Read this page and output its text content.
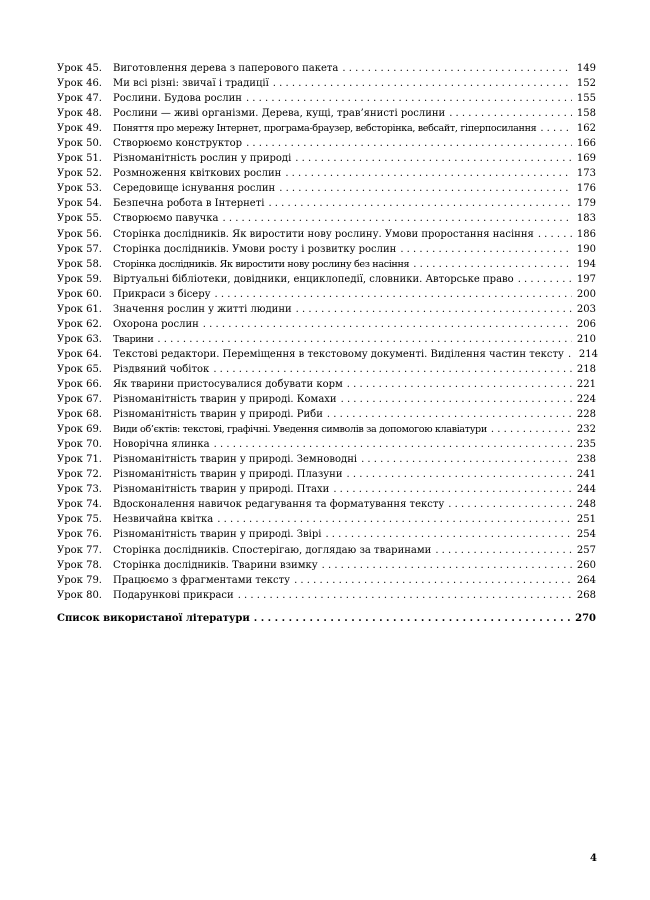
Урок 45.	Виготовлення дерева з паперового пакета . . .	149
Урок 46.	Ми всі різні: звичаї і традиції . . .	152
Урок 47.	Рослини. Будова рослин . . .	155
Урок 48.	Рослини — живі організми. Дерева, кущі, трав’янисті рослини . . .	158
Урок 49.	Поняття про мережу Інтернет, програма-браузер, вебсторінка, вебсайт, гіперпосилання . . .	162
Урок 50.	Створюємо конструктор . . .	166
Урок 51.	Різноманітність рослин у природі . . .	169
Урок 52.	Розмноження квіткових рослин . . .	173
Урок 53.	Середовище існування рослин . . .	176
Урок 54.	Безпечна робота в Інтернеті . . .	179
Урок 55.	Створюємо павучка . . .	183
Урок 56.	Сторінка дослідників. Як виростити нову рослину. Умови проростання насіння . . .	186
Урок 57.	Сторінка дослідників. Умови росту і розвитку рослин . . .	190
Урок 58.	Сторінка дослідників. Як виростити нову рослину без насіння . . .	194
Урок 59.	Віртуальні бібліотеки, довідники, енциклопедії, словники. Авторське право . . .	197
Урок 60.	Прикраси з бісеру . . .	200
Урок 61.	Значення рослин у житті людини . . .	203
Урок 62.	Охорона рослин . . .	206
Урок 63.	Тварини . . .	210
Урок 64.	Текстові редактори. Переміщення в текстовому документі. Виділення частин тексту . . . 214
Урок 65.	Різдвяний чобіток . . .	218
Урок 66.	Як тварини пристосувалися добувати корм . . .	221
Урок 67.	Різноманітність тварин у природі. Комахи . . .	224
Урок 68.	Різноманітність тварин у природі. Риби . . .	228
Урок 69.	Види об’єктів: текстові, графічні. Уведення символів за допомогою клавіатури . . .	232
Урок 70.	Новорічна ялинка . . .	235
Урок 71.	Різноманітність тварин у природі. Земноводні . . .	238
Урок 72.	Різноманітність тварин у природі. Плазуни . . .	241
Урок 73.	Різноманітність тварин у природі. Птахи . . .	244
Урок 74.	Вдосконалення навичок редагування та форматування тексту . . .	248
Урок 75.	Незвичайна квітка . . .	251
Урок 76.	Різноманітність тварин у природі. Звірі . . .	254
Урок 77.	Сторінка дослідників. Спостерігаю, доглядаю за тваринами . . .	257
Урок 78.	Сторінка дослідників. Тварини взимку . . .	260
Урок 79.	Працюємо з фрагментами тексту . . .	264
Урок 80.	Подарункові прикраси . . .	268
Список використаної літератури . . .	270
4
